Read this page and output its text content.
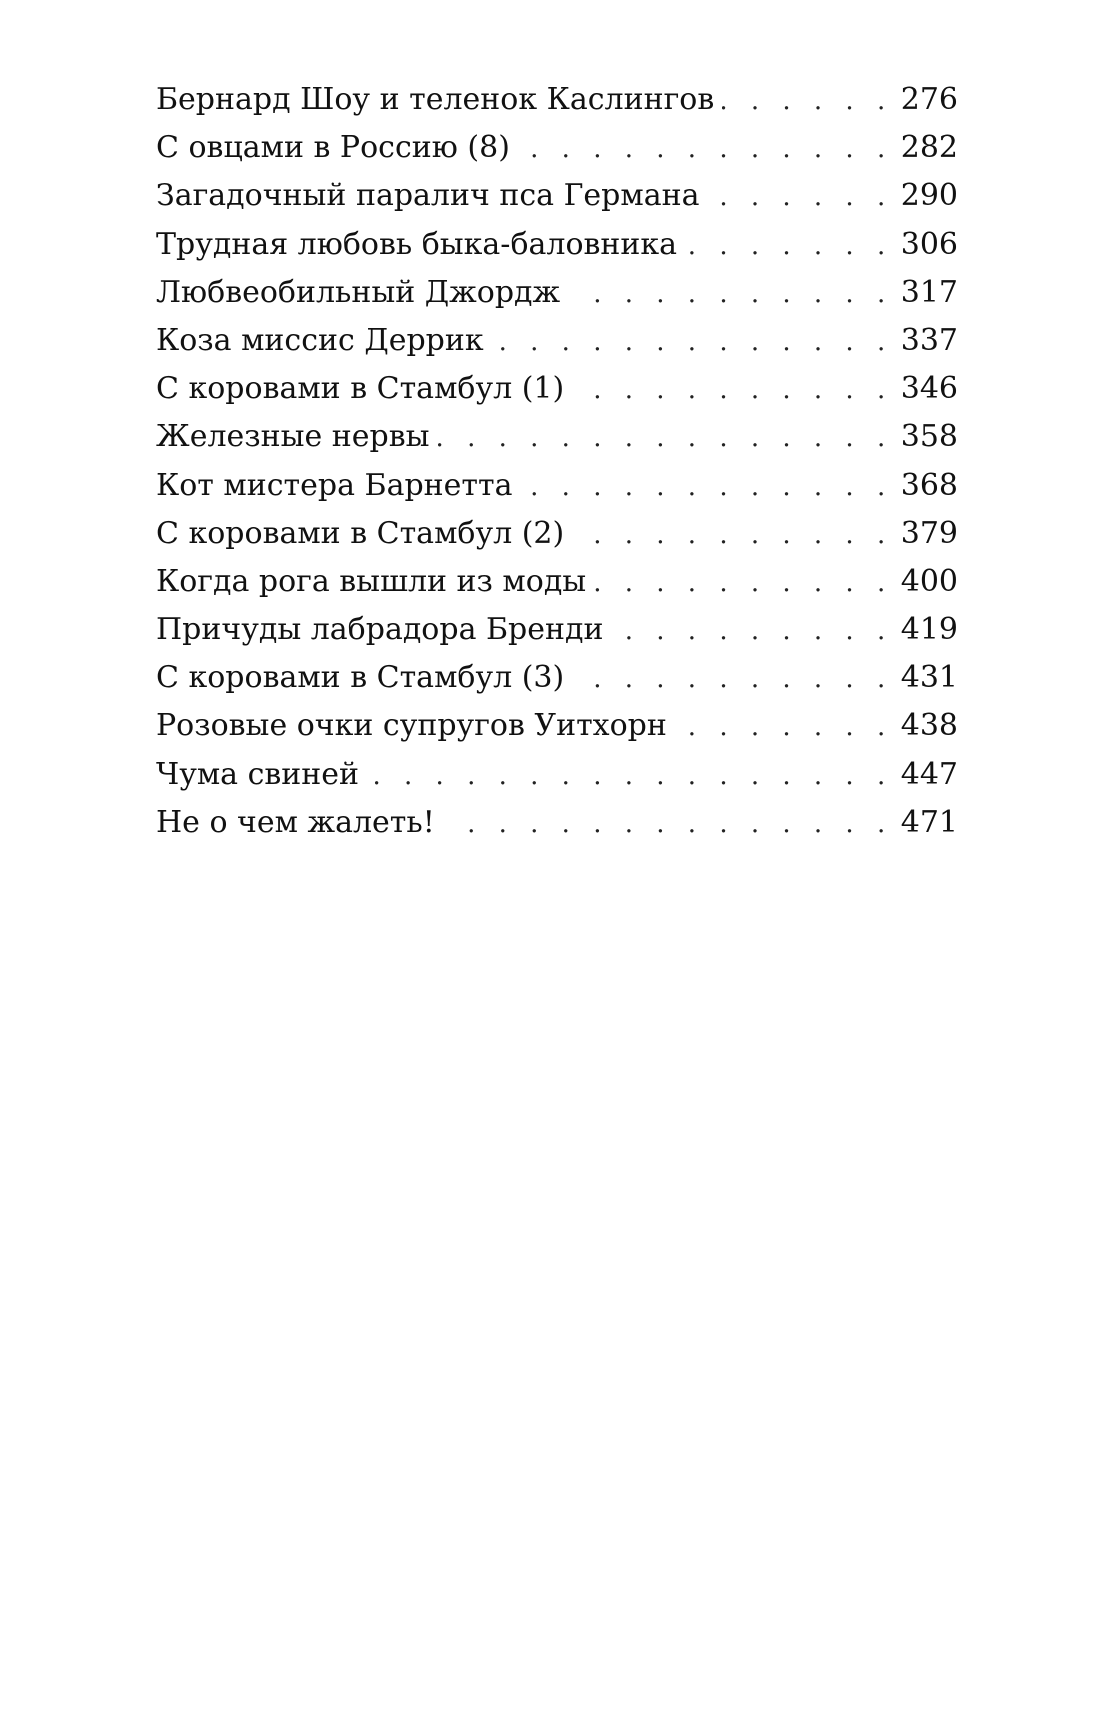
Бернард Шоу и теленок Каслингов . . .	276
С овцами в Россию (8) . . .	282
Загадочный паралич пса Германа . . .	290
Трудная любовь быка-баловника . . .	306
Любвеобильный Джордж . . .	317
Коза миссис Деррик . . .	337
С коровами в Стамбул (1) . . .	346
Железные нервы . . .	358
Кот мистера Барнетта . . .	368
С коровами в Стамбул (2) . . .	379
Когда рога вышли из моды . . .	400
Причуды лабрадора Бренди . . .	419
С коровами в Стамбул (3) . . .	431
Розовые очки супругов Уитхорн . . .	438
Чума свиней . . .	447
Не о чем жалеть! . . .	471
